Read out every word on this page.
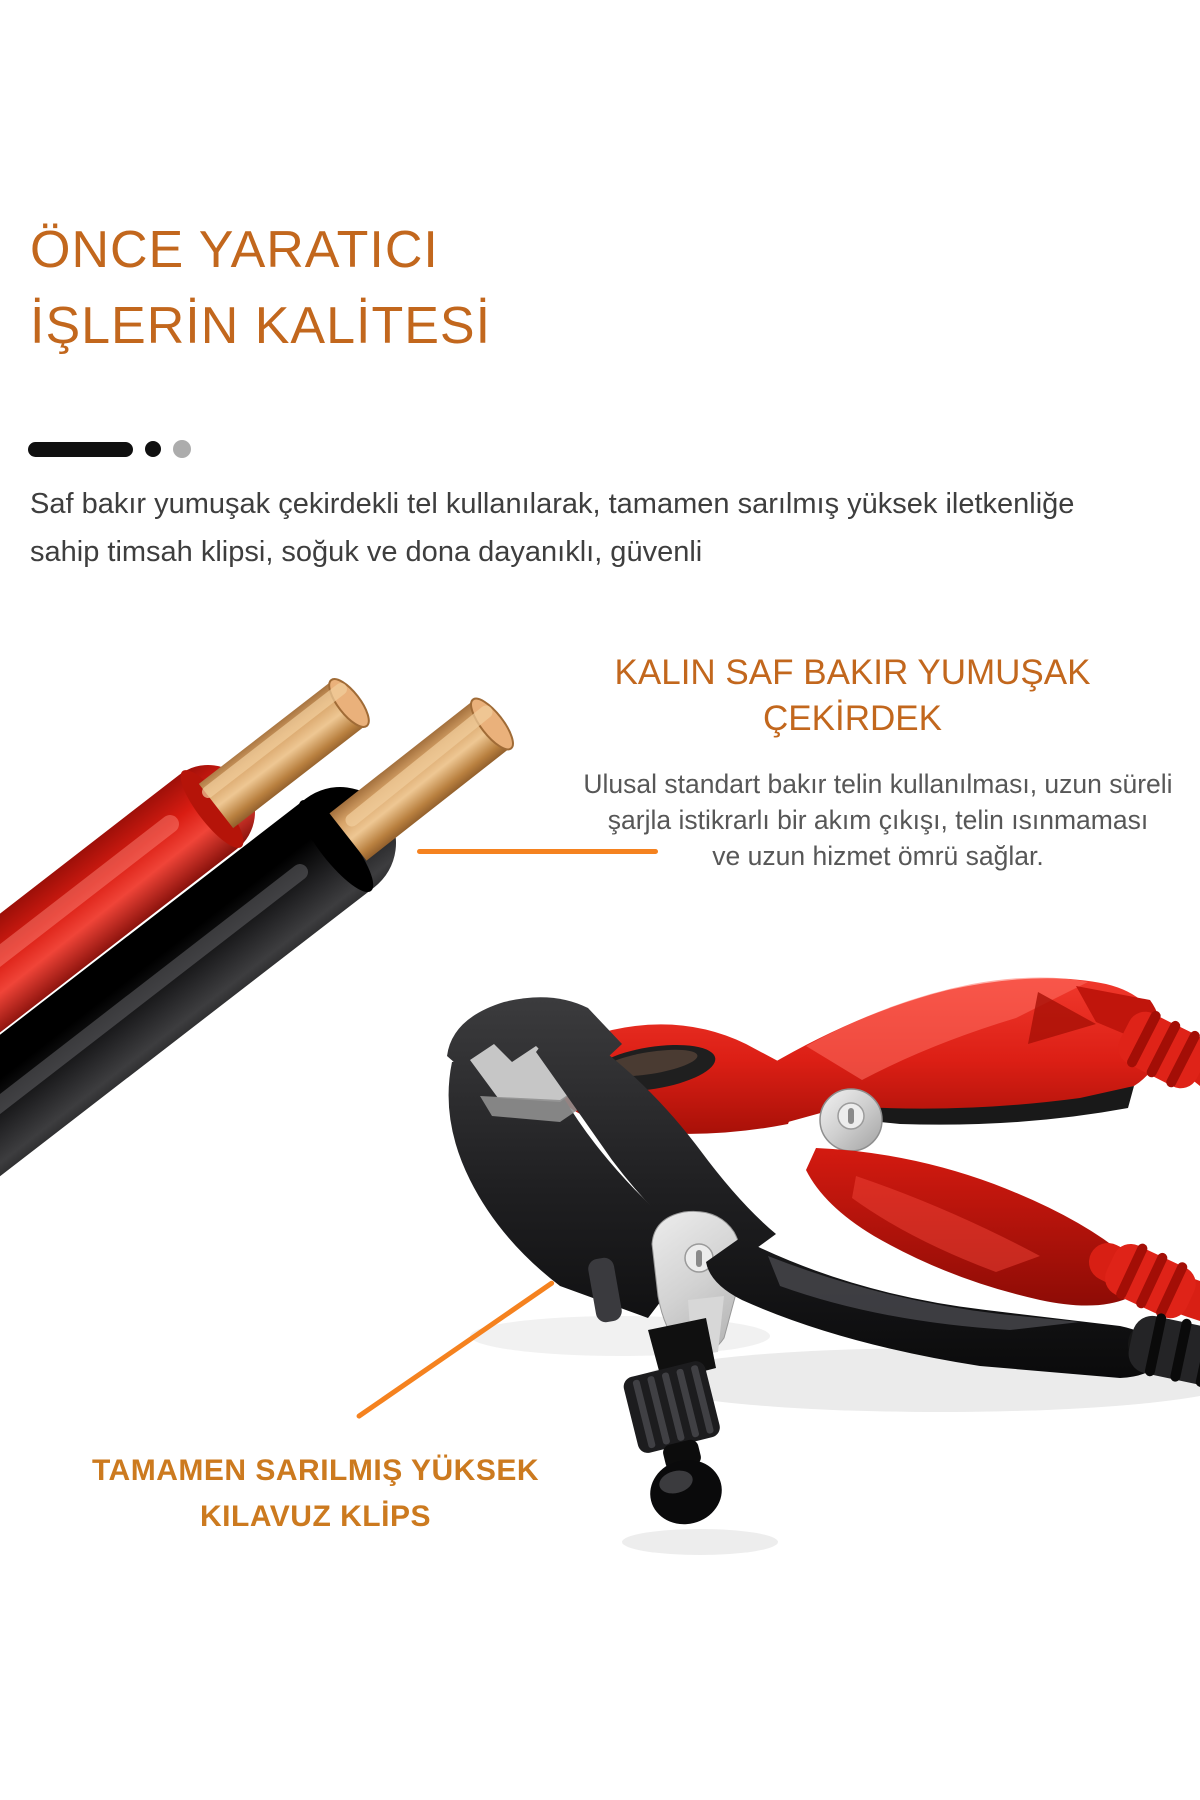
ÖNCE YARATICI
İŞLERİN KALİTESİ
Saf bakır yumuşak çekirdekli tel kullanılarak, tamamen sarılmış yüksek iletkenliğe
sahip timsah klipsi, soğuk ve dona dayanıklı, güvenli
KALIN SAF BAKIR YUMUŞAK
ÇEKİRDEK
Ulusal standart bakır telin kullanılması, uzun süreli
şarjla istikrarlı bir akım çıkışı, telin ısınmaması
ve uzun hizmet ömrü sağlar.
TAMAMEN SARILMIŞ YÜKSEK
KILAVUZ KLİPS
